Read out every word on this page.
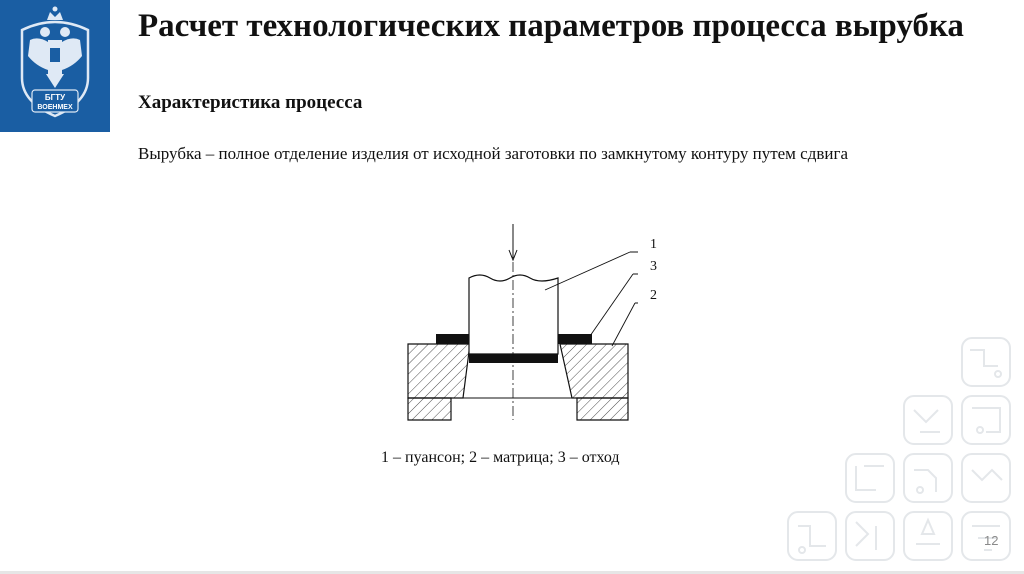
БГТУ
ВОЕНМЕХ
Расчет технологических параметров процесса вырубка
Характеристика процесса

Вырубка – полное отделение изделия от исходной заготовки по замкнутому контуру путем сдвига

1
3
2

1 – пуансон; 2 – матрица; 3 – отход

12
